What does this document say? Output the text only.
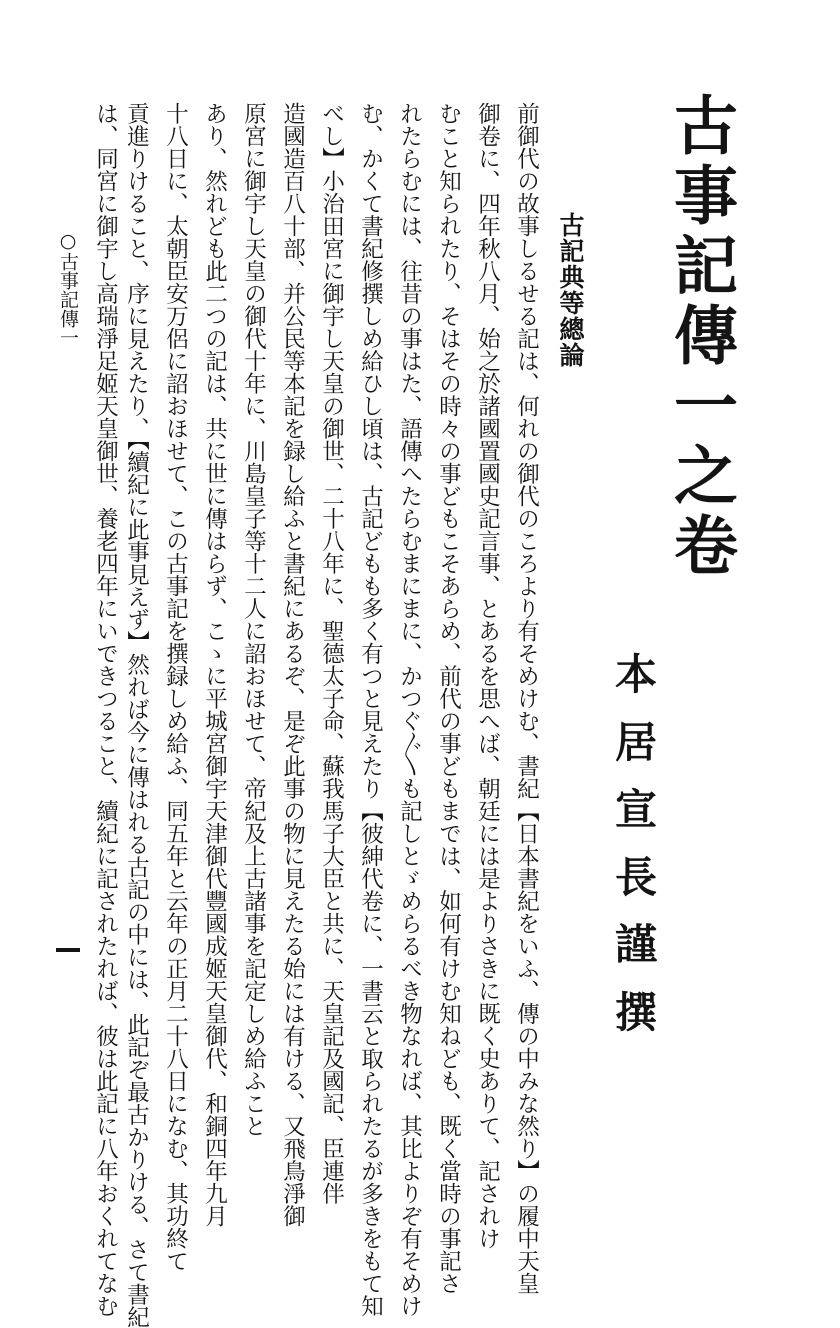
古事記傳一之卷
本
居
宣
長
謹
撰
古記典等總論
前御代の故事しるせる記は、何れの御代のころより有そめけむ、書紀【日本書紀をいふ、傳の中みな然り】の履中天皇
御卷に、四年秋八月、始之於諸國置國史記言事、とあるを思へば、朝廷には是よりさきに既く史ありて、記されけ
むこと知られたり、そはその時々の事どもこそあらめ、前代の事どもまでは、如何有けむ知ねども、既く當時の事記さ
れたらむには、往昔の事はた、語傳へたらむまにまに、かつぐ〴〵も記しとゞめらるべき物なれば、其比よりぞ有そめけ
む、かくて書紀修撰しめ給ひし頃は、古記どもも多く有つと見えたり【彼紳代卷に、一書云と取られたるが多きをもて知
べし】小治田宮に御宇し天皇の御世、二十八年に、聖德太子命、蘇我馬子大臣と共に、天皇記及國記、臣連伴
造國造百八十部、并公民等本記を録し給ふと書紀にあるぞ、是ぞ此事の物に見えたる始には有ける、又飛鳥淨御
原宮に御宇し天皇の御代十年に、川島皇子等十二人に詔おほせて、帝紀及上古諸事を記定しめ給ふこと
あり、然れども此二つの記は、共に世に傳はらず、こゝに平城宮御宇天津御代豐國成姬天皇御代、和銅四年九月
十八日に、太朝臣安万侶に詔おほせて、この古事記を撰録しめ給ふ、同五年と云年の正月二十八日になむ、其功終て
貢進りけること、序に見えたり、【續紀に此事見えず】然れば今に傳はれる古記の中には、此記ぞ最古かりける、さて書紀
は、同宮に御宇し高瑞淨足姬天皇御世、養老四年にいできつること、續紀に記されたれば、彼は此記に八年おくれてなむ
○古事記傳一
